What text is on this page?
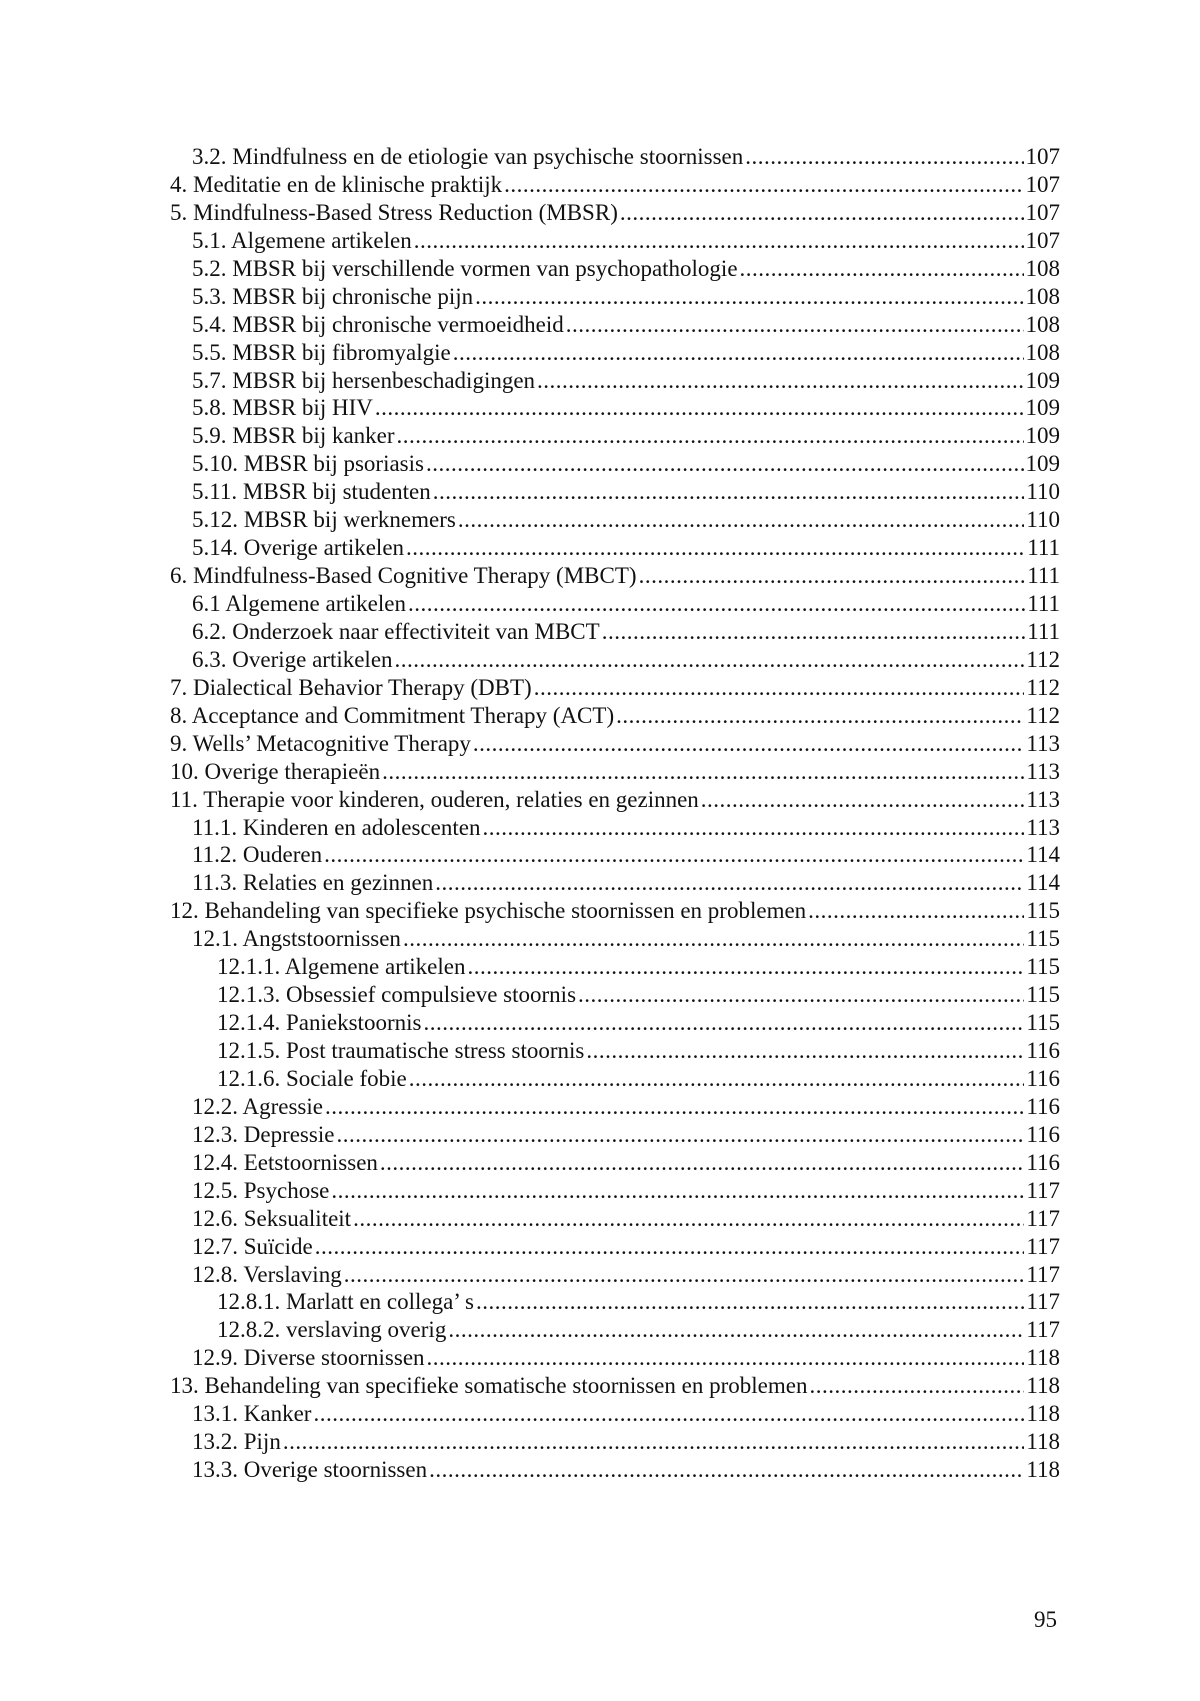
3.2. Mindfulness en de etiologie van psychische stoornissen .....	107
4. Meditatie en de klinische praktijk .....	107
5. Mindfulness-Based Stress Reduction (MBSR) .....	107
5.1. Algemene artikelen .....	107
5.2. MBSR bij verschillende vormen van psychopathologie .....	108
5.3. MBSR bij chronische pijn .....	108
5.4. MBSR bij chronische vermoeidheid .....	108
5.5. MBSR bij fibromyalgie .....	108
5.7. MBSR bij hersenbeschadigingen .....	109
5.8. MBSR bij HIV .....	109
5.9. MBSR bij kanker .....	109
5.10. MBSR bij psoriasis .....	109
5.11. MBSR bij studenten .....	110
5.12. MBSR bij werknemers .....	110
5.14. Overige artikelen .....	111
6. Mindfulness-Based Cognitive Therapy (MBCT) .....	111
6.1 Algemene artikelen .....	111
6.2. Onderzoek naar effectiviteit van MBCT .....	111
6.3. Overige artikelen .....	112
7. Dialectical Behavior Therapy (DBT) .....	112
8. Acceptance and Commitment Therapy (ACT) .....	112
9. Wells’ Metacognitive Therapy .....	113
10. Overige therapieën .....	113
11. Therapie voor kinderen, ouderen, relaties en gezinnen .....	113
11.1. Kinderen en adolescenten .....	113
11.2. Ouderen .....	114
11.3. Relaties en gezinnen .....	114
12. Behandeling van specifieke psychische stoornissen en problemen .....	115
12.1. Angststoornissen .....	115
12.1.1. Algemene artikelen .....	115
12.1.3. Obsessief compulsieve stoornis .....	115
12.1.4. Paniekstoornis .....	115
12.1.5. Post traumatische stress stoornis .....	116
12.1.6. Sociale fobie .....	116
12.2. Agressie .....	116
12.3. Depressie .....	116
12.4. Eetstoornissen .....	116
12.5. Psychose .....	117
12.6. Seksualiteit .....	117
12.7. Suïcide .....	117
12.8. Verslaving .....	117
12.8.1. Marlatt en collega’ s .....	117
12.8.2. verslaving overig .....	117
12.9. Diverse stoornissen .....	118
13. Behandeling van specifieke somatische stoornissen en problemen .....	118
13.1. Kanker .....	118
13.2. Pijn .....	118
13.3. Overige stoornissen .....	118
95
